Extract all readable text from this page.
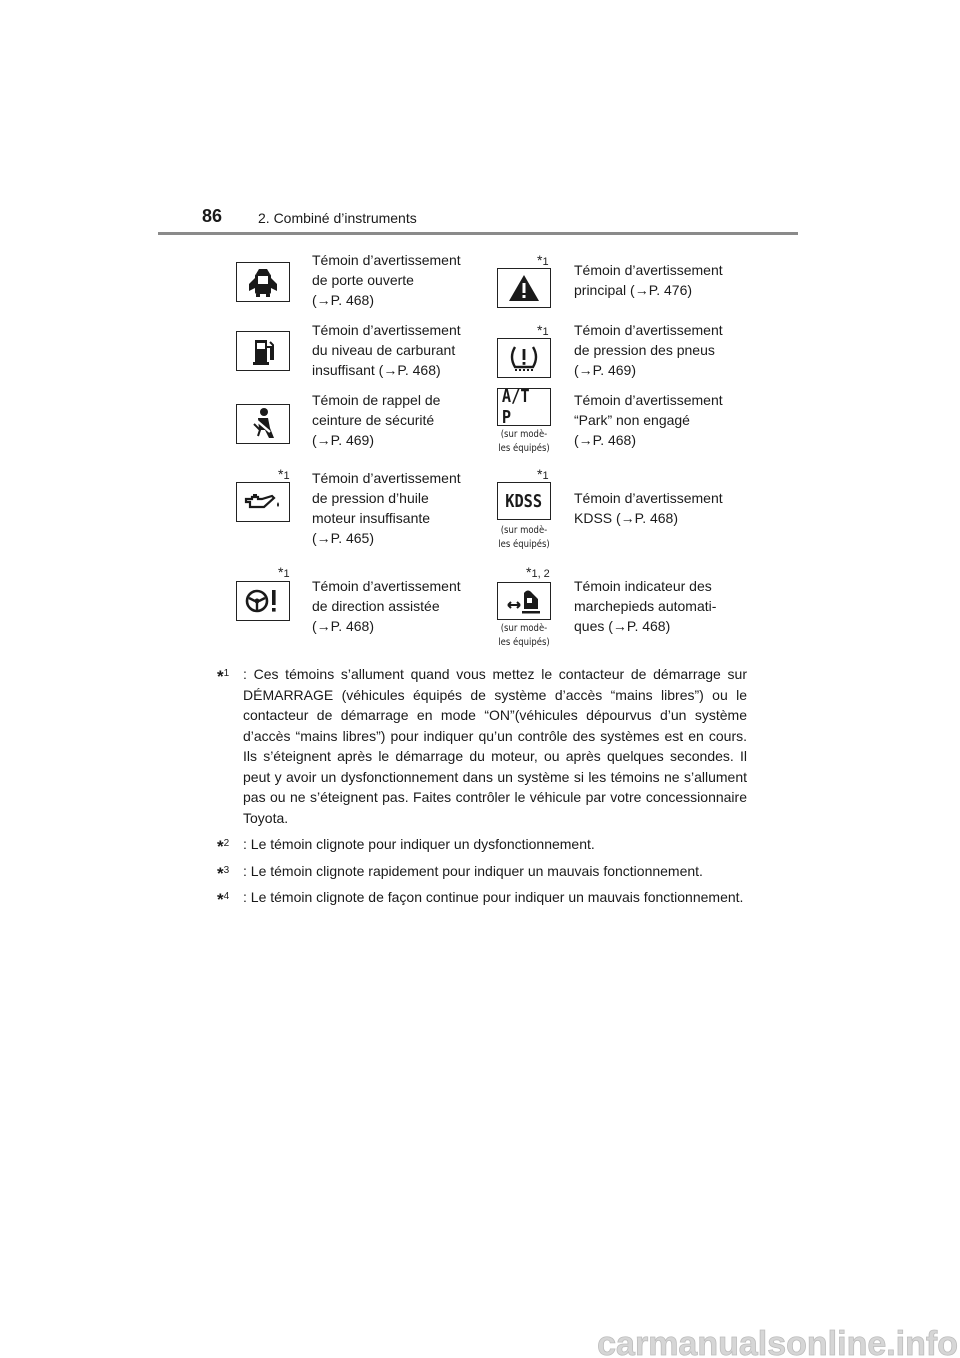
86	2. Combiné d’instruments
Témoin d’avertissement
de porte ouverte
(→P. 468)
*1 Témoin d’avertissement
principal (→P. 476)
Témoin d’avertissement
du niveau de carburant
insuffisant (→P. 468)
*1 Témoin d’avertissement
de pression des pneus
(→P. 469)
Témoin de rappel de
ceinture de sécurité
(→P. 469)
A/T P
(sur modè-
les équipés)
Témoin d’avertissement
“Park” non engagé
(→P. 468)
*1 Témoin d’avertissement
de pression d’huile
moteur insuffisante
(→P. 465)
*1
KDSS
(sur modè-
les équipés)
Témoin d’avertissement
KDSS (→P. 468)
*1
Témoin d’avertissement
de direction assistée
(→P. 468)
*1, 2
(sur modè-
les équipés)
Témoin indicateur des
marchepieds automati-
ques (→P. 468)
*$^1$ : Ces témoins s’allument quand vous mettez le contacteur de démarrage sur DÉMARRAGE (véhicules équipés de système d’accès “mains libres”) ou le contacteur de démarrage en mode “ON”(véhicules dépourvus d’un système d’accès “mains libres”) pour indiquer qu’un contrôle des systèmes est en cours. Ils s’éteignent après le démarrage du moteur, ou après quelques secondes. Il peut y avoir un dysfonctionnement dans un système si les témoins ne s’allument pas ou ne s’éteignent pas. Faites contrôler le véhicule par votre concessionnaire Toyota.
*$^2$ : Le témoin clignote pour indiquer un dysfonctionnement.
*$^3$ : Le témoin clignote rapidement pour indiquer un mauvais fonctionnement.
*$^4$ : Le témoin clignote de façon continue pour indiquer un mauvais fonctionnement.
carmanualsonline.info
